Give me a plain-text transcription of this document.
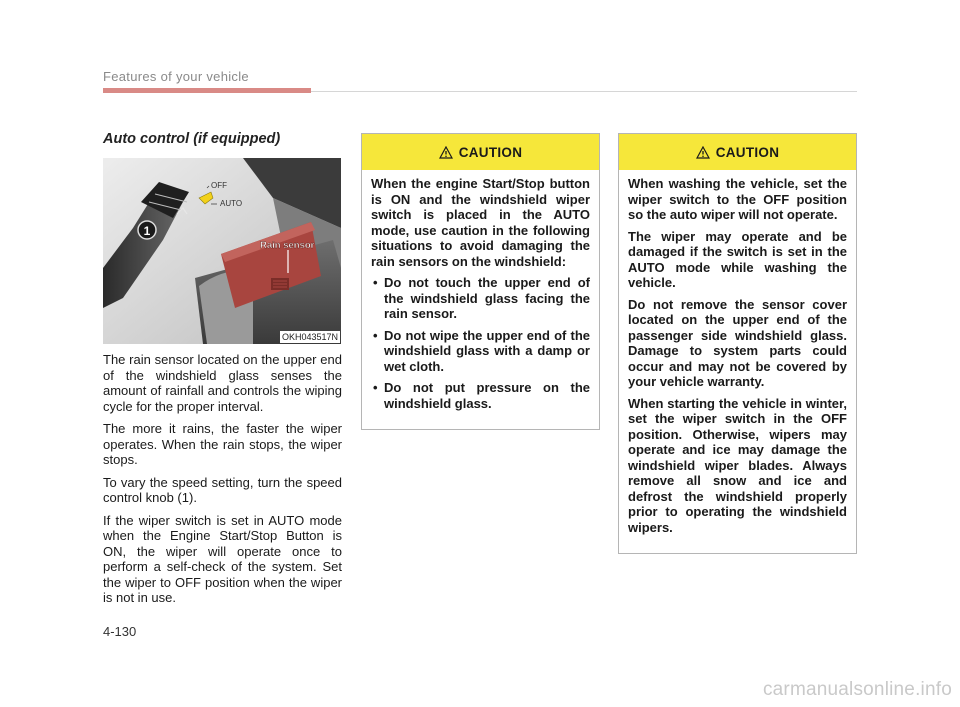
Features of your vehicle
Auto control (if equipped)
1
OFF
AUTO
Rain sensor
OKH043517N

The rain sensor located on the upper end of the windshield glass senses the amount of rainfall and controls the wiping cycle for the proper interval.

The more it rains, the faster the wiper operates. When the rain stops, the wiper stops.

To vary the speed setting, turn the speed control knob (1).

If the wiper switch is set in AUTO mode when the Engine Start/Stop Button is ON, the wiper will operate once to perform a self-check of the system. Set the wiper to OFF position when the wiper is not in use.

CAUTION

When the engine Start/Stop button is ON and the windshield wiper switch is placed in the AUTO mode, use caution in the following situations to avoid damaging the rain sensors on the windshield:

• Do not touch the upper end of the windshield glass facing the rain sensor.
• Do not wipe the upper end of the windshield glass with a damp or wet cloth.
• Do not put pressure on the windshield glass.
CAUTION

When washing the vehicle, set the wiper switch to the OFF position so the auto wiper will not operate.

The wiper may operate and be damaged if the switch is set in the AUTO mode while washing the vehicle.

Do not remove the sensor cover located on the upper end of the passenger side windshield glass. Damage to system parts could occur and may not be covered by your vehicle warranty.

When starting the vehicle in winter, set the wiper switch in the OFF position. Otherwise, wipers may operate and ice may damage the windshield wiper blades. Always remove all snow and ice and defrost the windshield properly prior to operating the windshield wipers.

4-130
carmanualsonline.info
